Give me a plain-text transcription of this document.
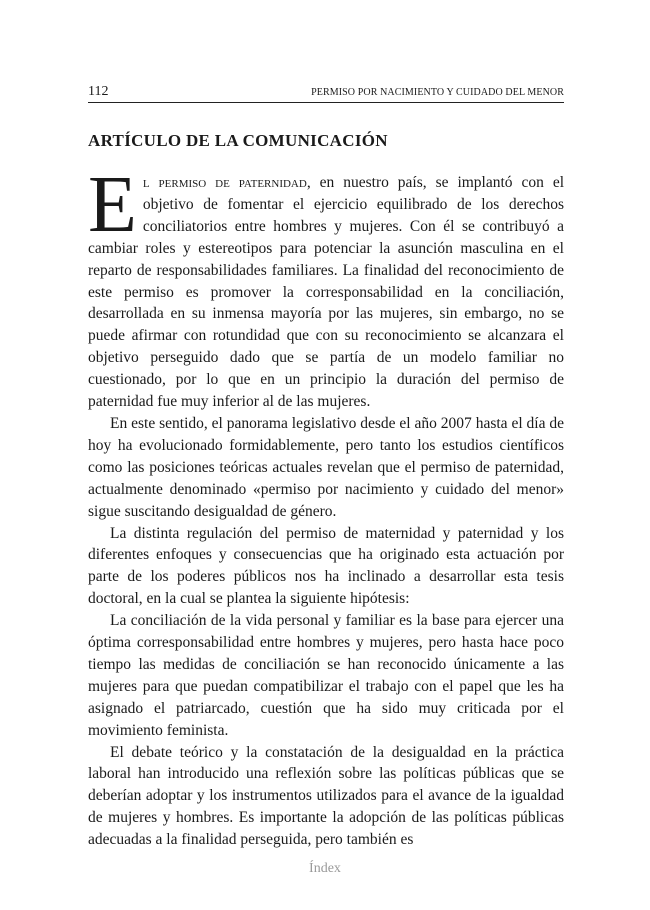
112	PERMISO POR NACIMIENTO Y CUIDADO DEL MENOR
ARTÍCULO DE LA COMUNICACIÓN

El permiso de paternidad, en nuestro país, se implantó con el objetivo de fomentar el ejercicio equilibrado de los derechos conciliatorios entre hombres y mujeres. Con él se contribuyó a cambiar roles y estereotipos para potenciar la asunción masculina en el reparto de responsabilidades familiares. La finalidad del reconocimiento de este permiso es promover la corresponsabilidad en la conciliación, desarrollada en su inmensa mayoría por las mujeres, sin embargo, no se puede afirmar con rotundidad que con su reconocimiento se alcanzara el objetivo perseguido dado que se partía de un modelo familiar no cuestionado, por lo que en un principio la duración del permiso de paternidad fue muy inferior al de las mujeres.

En este sentido, el panorama legislativo desde el año 2007 hasta el día de hoy ha evolucionado formidablemente, pero tanto los estudios científicos como las posiciones teóricas actuales revelan que el permiso de paternidad, actualmente denominado «permiso por nacimiento y cuidado del menor» sigue suscitando desigualdad de género.

La distinta regulación del permiso de maternidad y paternidad y los diferentes enfoques y consecuencias que ha originado esta actuación por parte de los poderes públicos nos ha inclinado a desarrollar esta tesis doctoral, en la cual se plantea la siguiente hipótesis:

La conciliación de la vida personal y familiar es la base para ejercer una óptima corresponsabilidad entre hombres y mujeres, pero hasta hace poco tiempo las medidas de conciliación se han reconocido únicamente a las mujeres para que puedan compatibilizar el trabajo con el papel que les ha asignado el patriarcado, cuestión que ha sido muy criticada por el movimiento feminista.

El debate teórico y la constatación de la desigualdad en la práctica laboral han introducido una reflexión sobre las políticas públicas que se deberían adoptar y los instrumentos utilizados para el avance de la igualdad de mujeres y hombres. Es importante la adopción de las políticas públicas adecuadas a la finalidad perseguida, pero también es

Índex
